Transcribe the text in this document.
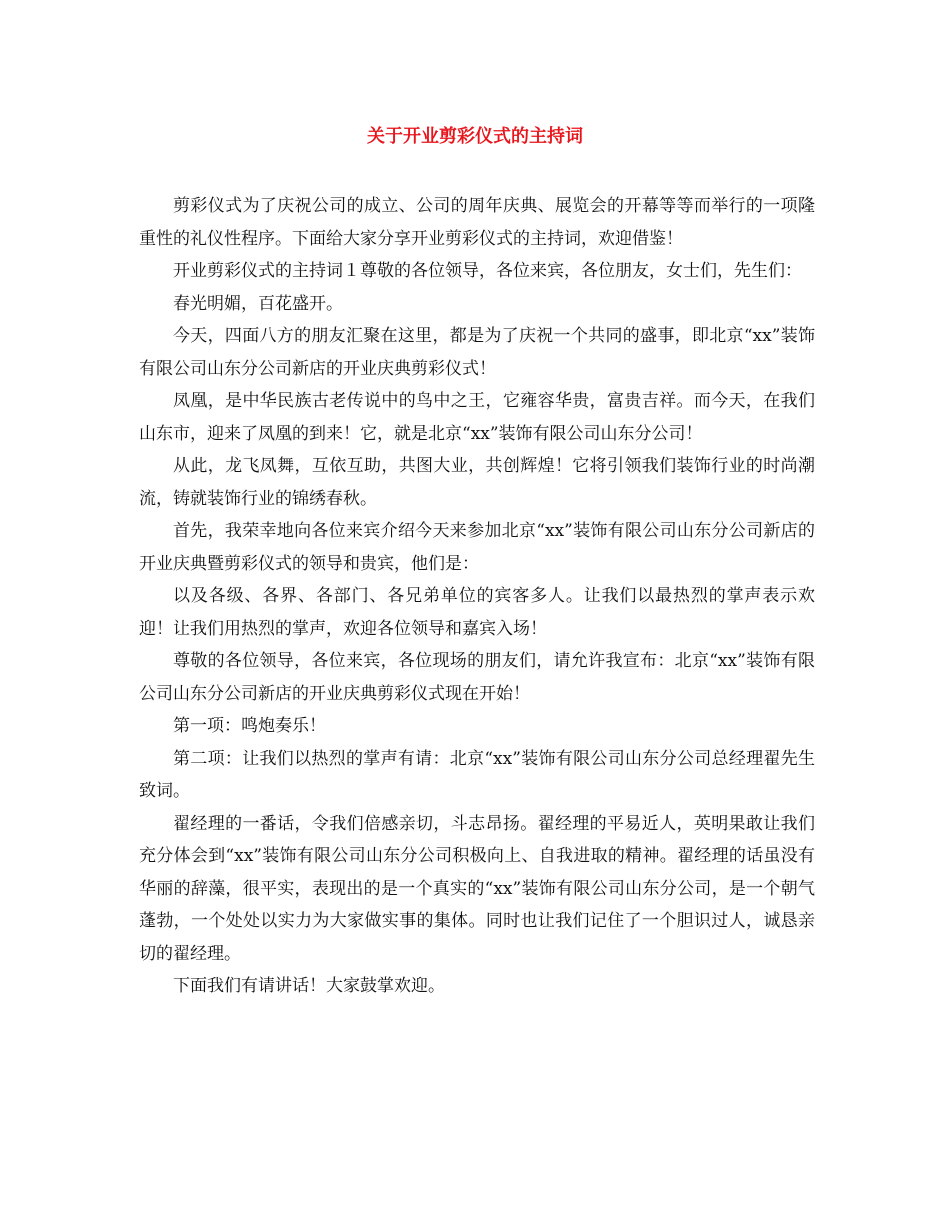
关于开业剪彩仪式的主持词

剪彩仪式为了庆祝公司的成立、公司的周年庆典、展览会的开幕等等而举行的一项隆重性的礼仪性程序。下面给大家分享开业剪彩仪式的主持词，欢迎借鉴！

开业剪彩仪式的主持词１尊敬的各位领导，各位来宾，各位朋友，女士们，先生们：

春光明媚，百花盛开。

今天，四面八方的朋友汇聚在这里，都是为了庆祝一个共同的盛事，即北京“xx”装饰有限公司山东分公司新店的开业庆典剪彩仪式！

凤凰，是中华民族古老传说中的鸟中之王，它雍容华贵，富贵吉祥。而今天，在我们山东市，迎来了凤凰的到来！它，就是北京“xx”装饰有限公司山东分公司！

从此，龙飞凤舞，互依互助，共图大业，共创辉煌！它将引领我们装饰行业的时尚潮流，铸就装饰行业的锦绣春秋。

首先，我荣幸地向各位来宾介绍今天来参加北京“xx”装饰有限公司山东分公司新店的开业庆典暨剪彩仪式的领导和贵宾，他们是：

以及各级、各界、各部门、各兄弟单位的宾客多人。让我们以最热烈的掌声表示欢迎！让我们用热烈的掌声，欢迎各位领导和嘉宾入场！

尊敬的各位领导，各位来宾，各位现场的朋友们，请允许我宣布：北京“xx”装饰有限公司山东分公司新店的开业庆典剪彩仪式现在开始！

第一项：鸣炮奏乐！

第二项：让我们以热烈的掌声有请：北京“xx”装饰有限公司山东分公司总经理翟先生致词。

翟经理的一番话，令我们倍感亲切，斗志昂扬。翟经理的平易近人，英明果敢让我们充分体会到“xx”装饰有限公司山东分公司积极向上、自我进取的精神。翟经理的话虽没有华丽的辞藻，很平实，表现出的是一个真实的“xx”装饰有限公司山东分公司，是一个朝气蓬勃，一个处处以实力为大家做实事的集体。同时也让我们记住了一个胆识过人，诚恳亲切的翟经理。

下面我们有请讲话！大家鼓掌欢迎。
